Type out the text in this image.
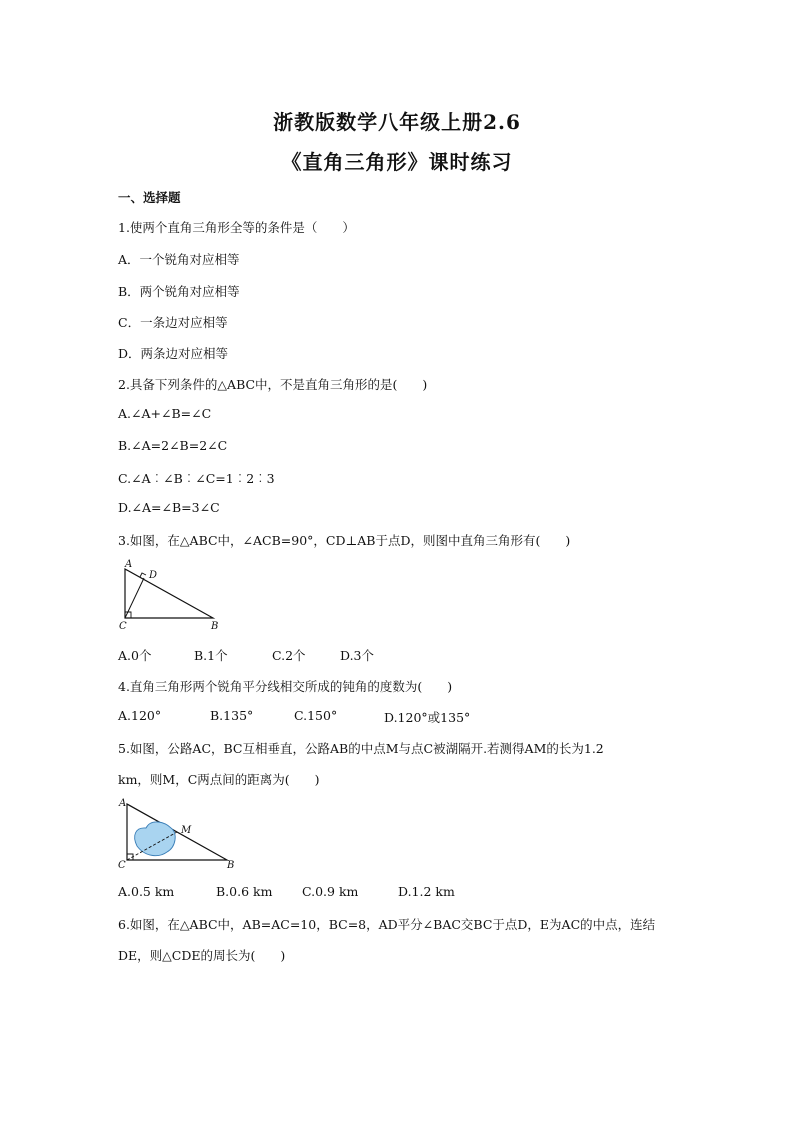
浙教版数学八年级上册2.6
《直角三角形》课时练习
一、选择题
1.使两个直角三角形全等的条件是（　　）
A．一个锐角对应相等
B．两个锐角对应相等
C．一条边对应相等
D．两条边对应相等
2.具备下列条件的△ABC中，不是直角三角形的是(　　)
A.∠A+∠B=∠C
B.∠A=2∠B=2∠C
C.∠A︰∠B︰∠C=1︰2︰3
D.∠A=∠B=3∠C
3.如图，在△ABC中，∠ACB=90°，CD⊥AB于点D，则图中直角三角形有(　　)
A
D
C	B
A.0个	B.1个	C.2个	D.3个
4.直角三角形两个锐角平分线相交所成的钝角的度数为(　　)
A.120°	B.135°	C.150°	D.120°或135°
5.如图，公路AC，BC互相垂直，公路AB的中点M与点C被湖隔开.若测得AM的长为1.2
km，则M，C两点间的距离为(　　)
A
M
C	B
A.0.5 km	B.0.6 km C.0.9 km	D.1.2 km
6.如图，在△ABC中，AB=AC=10，BC=8，AD平分∠BAC交BC于点D，E为AC的中点，连结
DE，则△CDE的周长为(　　)
